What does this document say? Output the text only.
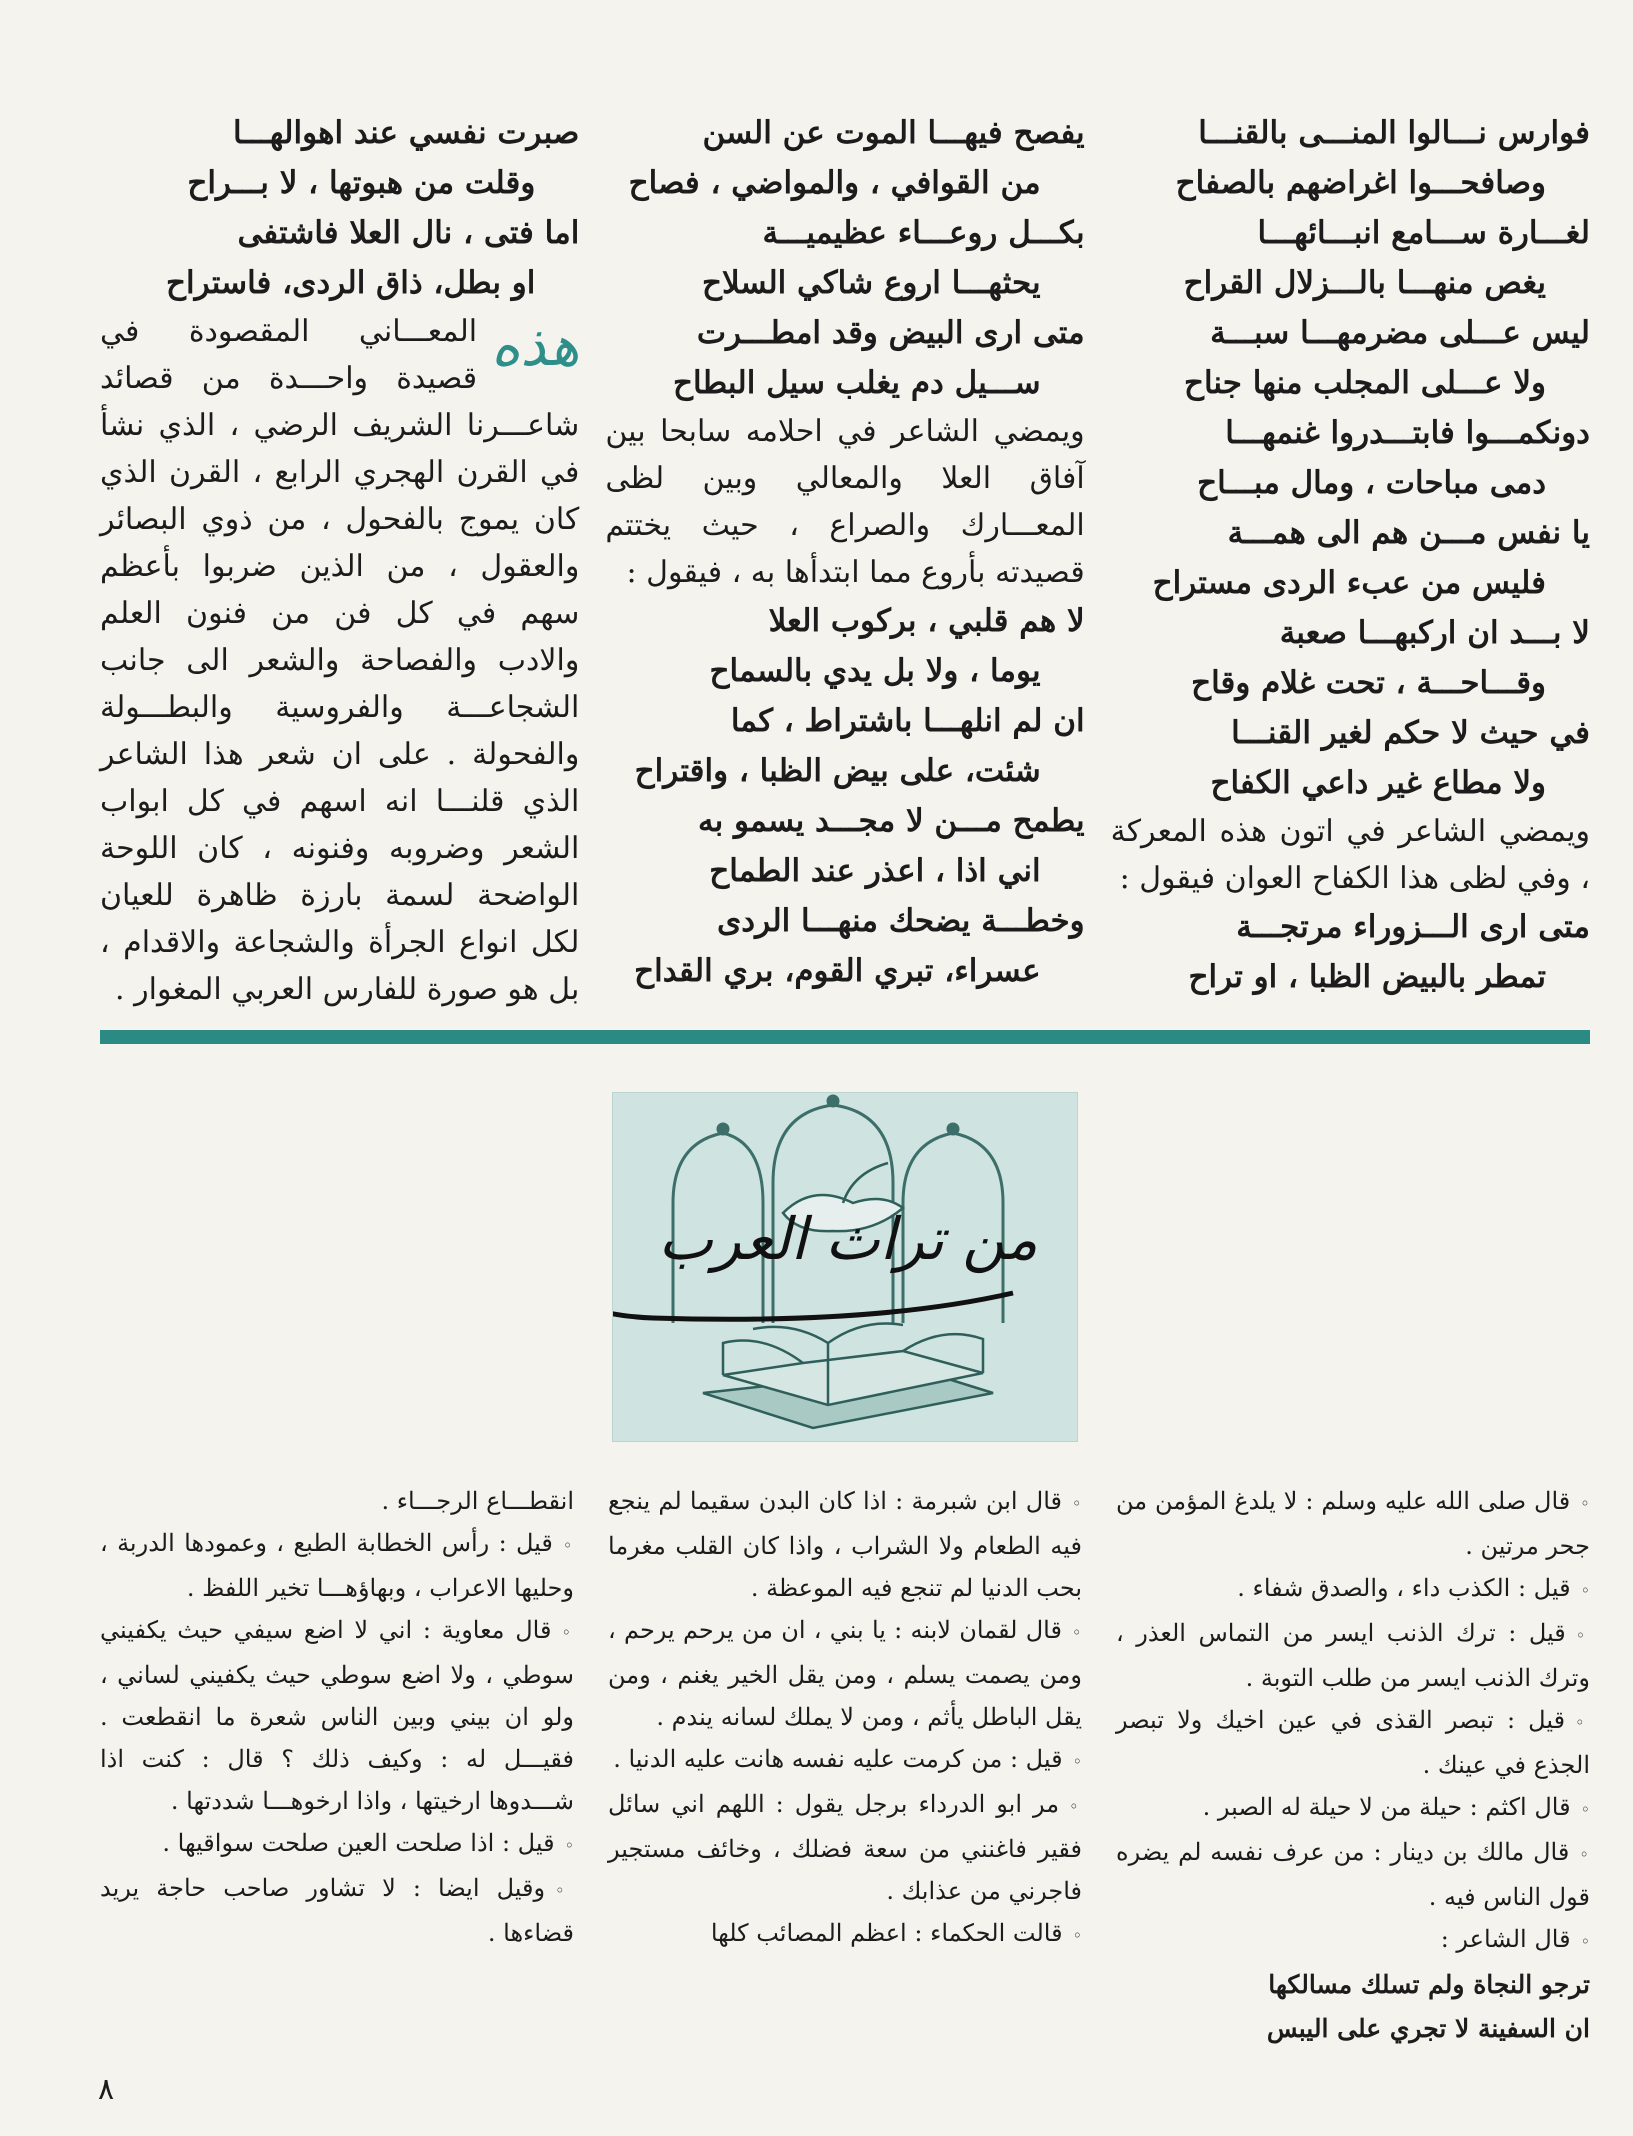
فوارس نـــالوا المنـــى بالقنـــا
وصافحـــوا اغراضهم بالصفاح
لغـــارة ســـامع انبـــائهـــا
يغص منهـــا بالـــزلال القراح
ليس عـــلى مضرمهـــا سبـــة
ولا عـــلى المجلب منها جناح
دونكمـــوا فابتـــدروا غنمهـــا
دمى مباحات ، ومال مبـــاح
يا نفس مـــن هم الى همـــة
فليس من عبء الردى مستراح
لا بـــد ان اركبهـــا صعبة
وقـــاحـــة ، تحت غلام وقاح
في حيث لا حكم لغير القنـــا
ولا مطاع غير داعي الكفاح

ويمضي الشاعر في اتون هذه المعركة ، وفي لظى هذا الكفاح العوان فيقول :

متى ارى الـــزوراء مرتجـــة
تمطر بالبيض الظبا ، او تراح
يفصح فيهـــا الموت عن السن
من القوافي ، والمواضي ، فصاح
بكـــل روعـــاء عظيميـــة
يحثهـــا اروع شاكي السلاح
متى ارى البيض وقد امطـــرت
ســـيل دم يغلب سيل البطاح

ويمضي الشاعر في احلامه سابحا بين آفاق العلا والمعالي وبين لظى المعـــارك والصراع ، حيث يختتم قصيدته بأروع مما ابتدأها به ، فيقول :

لا هم قلبي ، بركوب العلا
يوما ، ولا بل يدي بالسماح
ان لم انلهـــا باشتراط ، كما
شئت، على بيض الظبا ، واقتراح
يطمح مـــن لا مجـــد يسمو به
اني اذا ، اعذر عند الطماح
وخطـــة يضحك منهـــا الردى
عسراء، تبري القوم، بري القداح
صبرت نفسي عند اهوالهـــا
وقلت من هبوتها ، لا بـــراح
اما فتى ، نال العلا فاشتفى
او بطل، ذاق الردى، فاستراح

هذه
المعـــاني المقصودة في قصيدة واحـــدة من قصائد شاعـــرنا الشريف الرضي ، الذي نشأ في القرن الهجري الرابع ، القرن الذي كان يموج بالفحول ، من ذوي البصائر والعقول ، من الذين ضربوا بأعظم سهم في كل فن من فنون العلم والادب والفصاحة والشعر الى جانب الشجاعـــة والفروسية والبطـــولة والفحولة . على ان شعر هذا الشاعر الذي قلنـــا انه اسهم في كل ابواب الشعر وضروبه وفنونه ، كان اللوحة الواضحة لسمة بارزة ظاهرة للعيان لكل انواع الجرأة والشجاعة والاقدام ، بل هو صورة للفارس العربي المغوار .

من تراث العرب

◦قال صلى الله عليه وسلم : لا يلدغ المؤمن من جحر مرتين .

◦قيل : الكذب داء ، والصدق شفاء .

◦قيل : ترك الذنب ايسر من التماس العذر ، وترك الذنب ايسر من طلب التوبة .

◦قيل : تبصر القذى في عين اخيك ولا تبصر الجذع في عينك .

◦قال اكثم : حيلة من لا حيلة له الصبر .

◦قال مالك بن دينار : من عرف نفسه لم يضره قول الناس فيه .

◦قال الشاعر :

ترجو النجاة ولم تسلك مسالكها
ان السفينة لا تجري على اليبس

◦قال ابن شبرمة : اذا كان البدن سقيما لم ينجع فيه الطعام ولا الشراب ، واذا كان القلب مغرما بحب الدنيا لم تنجع فيه الموعظة .

◦قال لقمان لابنه : يا بني ، ان من يرحم يرحم ، ومن يصمت يسلم ، ومن يقل الخير يغنم ، ومن يقل الباطل يأثم ، ومن لا يملك لسانه يندم .

◦قيل : من كرمت عليه نفسه هانت عليه الدنيا .

◦مر ابو الدرداء برجل يقول : اللهم اني سائل فقير فاغنني من سعة فضلك ، وخائف مستجير فاجرني من عذابك .

◦قالت الحكماء : اعظم المصائب كلها

انقطـــاع الرجـــاء .

◦قيل : رأس الخطابة الطبع ، وعمودها الدربة ، وحليها الاعراب ، وبهاؤهـــا تخير اللفظ .

◦قال معاوية : اني لا اضع سيفي حيث يكفيني سوطي ، ولا اضع سوطي حيث يكفيني لساني ، ولو ان بيني وبين الناس شعرة ما انقطعت . فقيـــل له : وكيف ذلك ؟ قال : كنت اذا شـــدوها ارخيتها ، واذا ارخوهـــا شددتها .

◦قيل : اذا صلحت العين صلحت سواقيها .

◦وقيل ايضا : لا تشاور صاحب حاجة يريد قضاءها .

٨
